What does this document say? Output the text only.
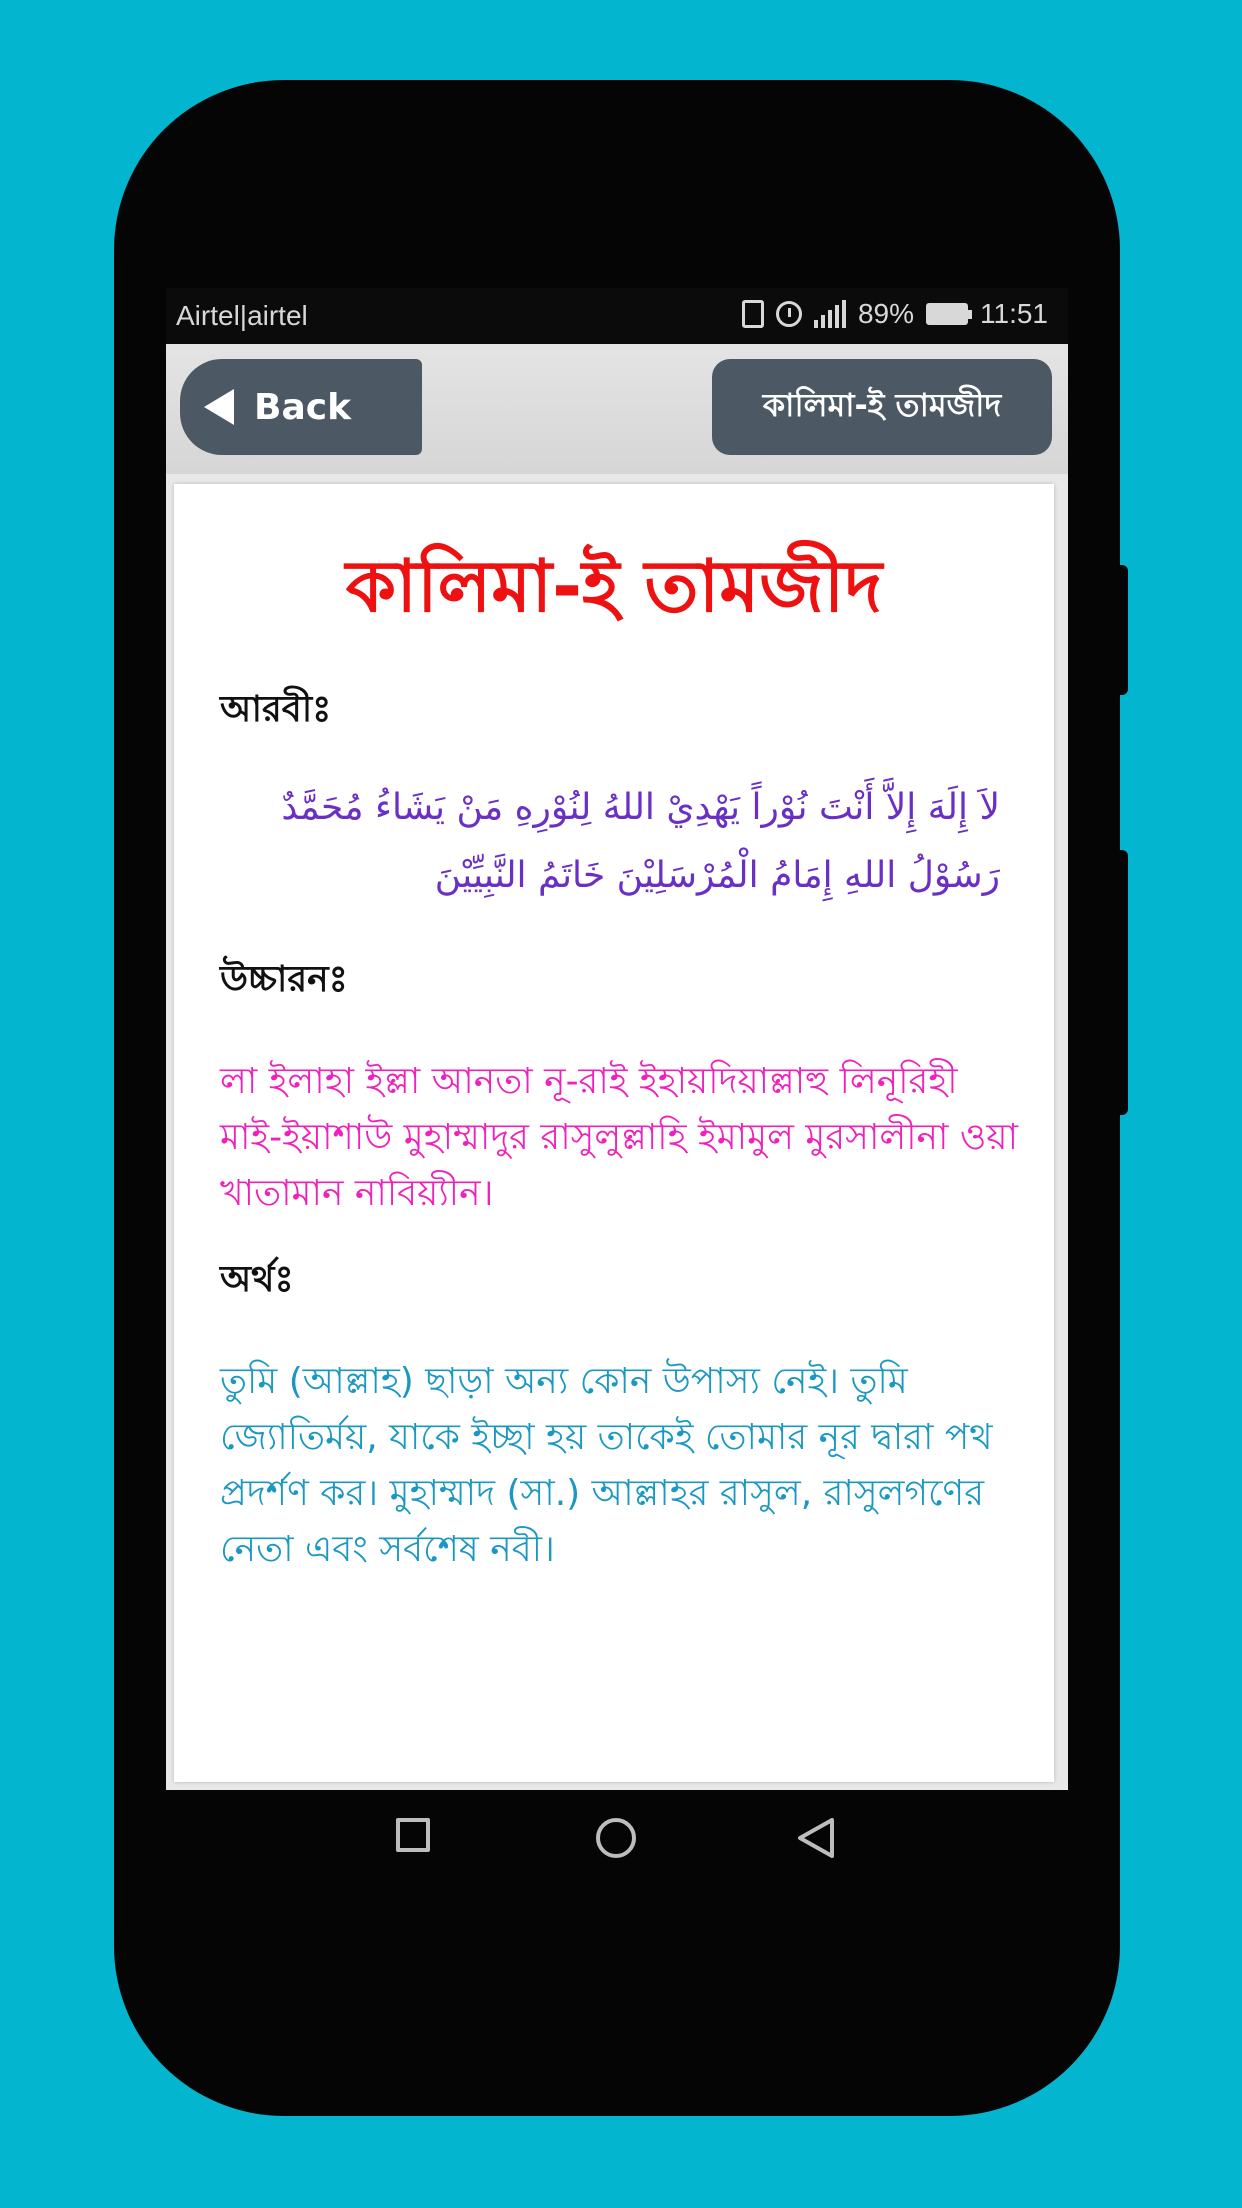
Airtel|airtel	89%	+ 11:51
Back	কালিমা-ই তামজীদ
কালিমা-ই তামজীদ
আরবীঃ
لاَ إِلَهَ إِلاَّ أَنْتَ نُوْراً يَهْدِيْ اللهُ لِنُوْرِهِ مَنْ يَشَاءُ مُحَمَّدٌ رَسُوْلُ اللهِ إِمَامُ الْمُرْسَلِيْنَ خَاتَمُ النَّبِيِّيْنَ
উচ্চারনঃ
লা ইলাহা ইল্লা আনতা নূ-রাই ইহায়দিয়াল্লাহু লিনূরিহী মাই-ইয়াশাউ মুহাম্মাদুর রাসুলুল্লাহি ইমামুল মুরসালীনা ওয়া খাতামান নাবিয়্যীন।
অর্থঃ
তুমি (আল্লাহ) ছাড়া অন্য কোন উপাস্য নেই। তুমি জ্যোতির্ময়, যাকে ইচ্ছা হয় তাকেই তোমার নূর দ্বারা পথ প্রদর্শণ কর। মুহাম্মাদ (সা.) আল্লাহর রাসুল, রাসুলগণের নেতা এবং সর্বশেষ নবী।
